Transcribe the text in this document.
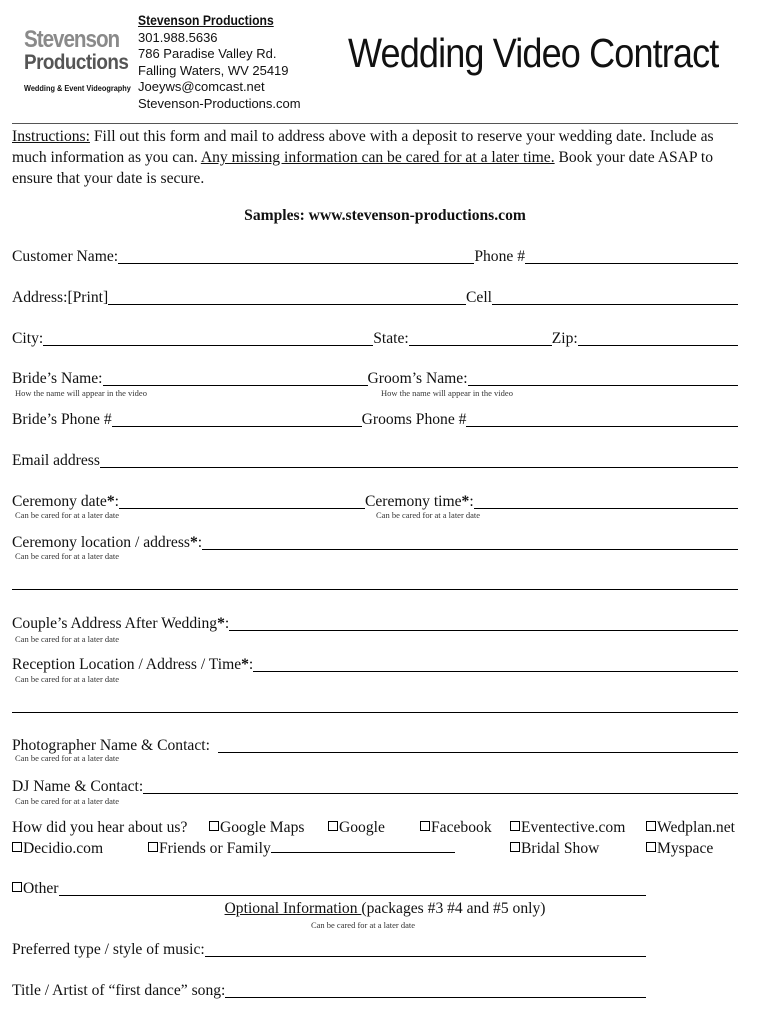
Stevenson
Productions
Wedding & Event Videography
Stevenson Productions
301.988.5636
786 Paradise Valley Rd.
Falling Waters, WV 25419
Joeyws@comcast.net
Stevenson-Productions.com
Wedding Video Contract
Instructions: Fill out this form and mail to address above with a deposit to reserve your wedding date. Include as much information as you can. Any missing information can be cared for at a later time. Book your date ASAP to ensure that your date is secure.
Samples: www.stevenson-productions.com
Customer Name:	Phone #
Address:[Print]	Cell
City:	State:	Zip:
Bride’s Name:	Groom’s Name:
How the name will appear in the video	How the name will appear in the video
Bride’s Phone #	Grooms Phone #
Email address
Ceremony date*:	Ceremony time*:
Can be cared for at a later date	Can be cared for at a later date
Ceremony location / address*:
Can be cared for at a later date
Couple’s Address After Wedding*:
Can be cared for at a later date
Reception Location / Address / Time*:
Can be cared for at a later date
Photographer Name & Contact:
Can be cared for at a later date
DJ Name & Contact:
Can be cared for at a later date
How did you hear about us?	Google Maps	Google	Facebook	Eventective.com	Wedplan.net
Decidio.com	Friends or Family	Bridal Show	Myspace
Other
Optional Information (packages #3 #4 and #5 only)
Can be cared for at a later date
Preferred type / style of music:
Title / Artist of “first dance” song:
